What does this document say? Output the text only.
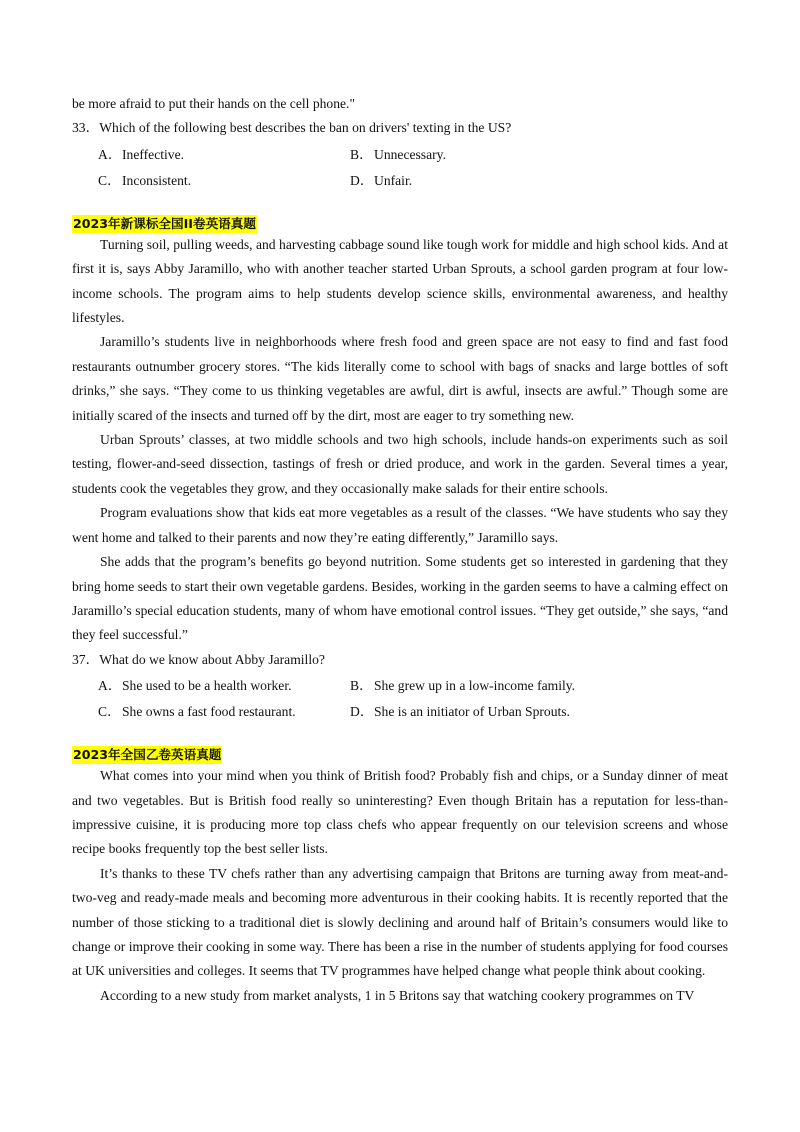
be more afraid to put their hands on the cell phone."

33．Which of the following best describes the ban on drivers' texting in the US?

A．Ineffective.	B．Unnecessary.
C．Inconsistent.	D．Unfair.
2023年新课标全国II卷英语真题

Turning soil, pulling weeds, and harvesting cabbage sound like tough work for middle and high school kids. And at first it is, says Abby Jaramillo, who with another teacher started Urban Sprouts, a school garden program at four low-income schools. The program aims to help students develop science skills, environmental awareness, and healthy lifestyles.

Jaramillo’s students live in neighborhoods where fresh food and green space are not easy to find and fast food restaurants outnumber grocery stores. “The kids literally come to school with bags of snacks and large bottles of soft drinks,” she says. “They come to us thinking vegetables are awful, dirt is awful, insects are awful.” Though some are initially scared of the insects and turned off by the dirt, most are eager to try something new.

Urban Sprouts’ classes, at two middle schools and two high schools, include hands-on experiments such as soil testing, flower-and-seed dissection, tastings of fresh or dried produce, and work in the garden. Several times a year, students cook the vegetables they grow, and they occasionally make salads for their entire schools.

Program evaluations show that kids eat more vegetables as a result of the classes. “We have students who say they went home and talked to their parents and now they’re eating differently,” Jaramillo says.

She adds that the program’s benefits go beyond nutrition. Some students get so interested in gardening that they bring home seeds to start their own vegetable gardens. Besides, working in the garden seems to have a calming effect on Jaramillo’s special education students, many of whom have emotional control issues. “They get outside,” she says, “and they feel successful.”

37．What do we know about Abby Jaramillo?

A．She used to be a health worker.	B．She grew up in a low-income family.
C．She owns a fast food restaurant.	D．She is an initiator of Urban Sprouts.
2023年全国乙卷英语真题

What comes into your mind when you think of British food? Probably fish and chips, or a Sunday dinner of meat and two vegetables. But is British food really so uninteresting? Even though Britain has a reputation for less-than-impressive cuisine, it is producing more top class chefs who appear frequently on our television screens and whose recipe books frequently top the best seller lists.

It’s thanks to these TV chefs rather than any advertising campaign that Britons are turning away from meat-and-two-veg and ready-made meals and becoming more adventurous in their cooking habits. It is recently reported that the number of those sticking to a traditional diet is slowly declining and around half of Britain’s consumers would like to change or improve their cooking in some way. There has been a rise in the number of students applying for food courses at UK universities and colleges. It seems that TV programmes have helped change what people think about cooking.

According to a new study from market analysts, 1 in 5 Britons say that watching cookery programmes on TV
